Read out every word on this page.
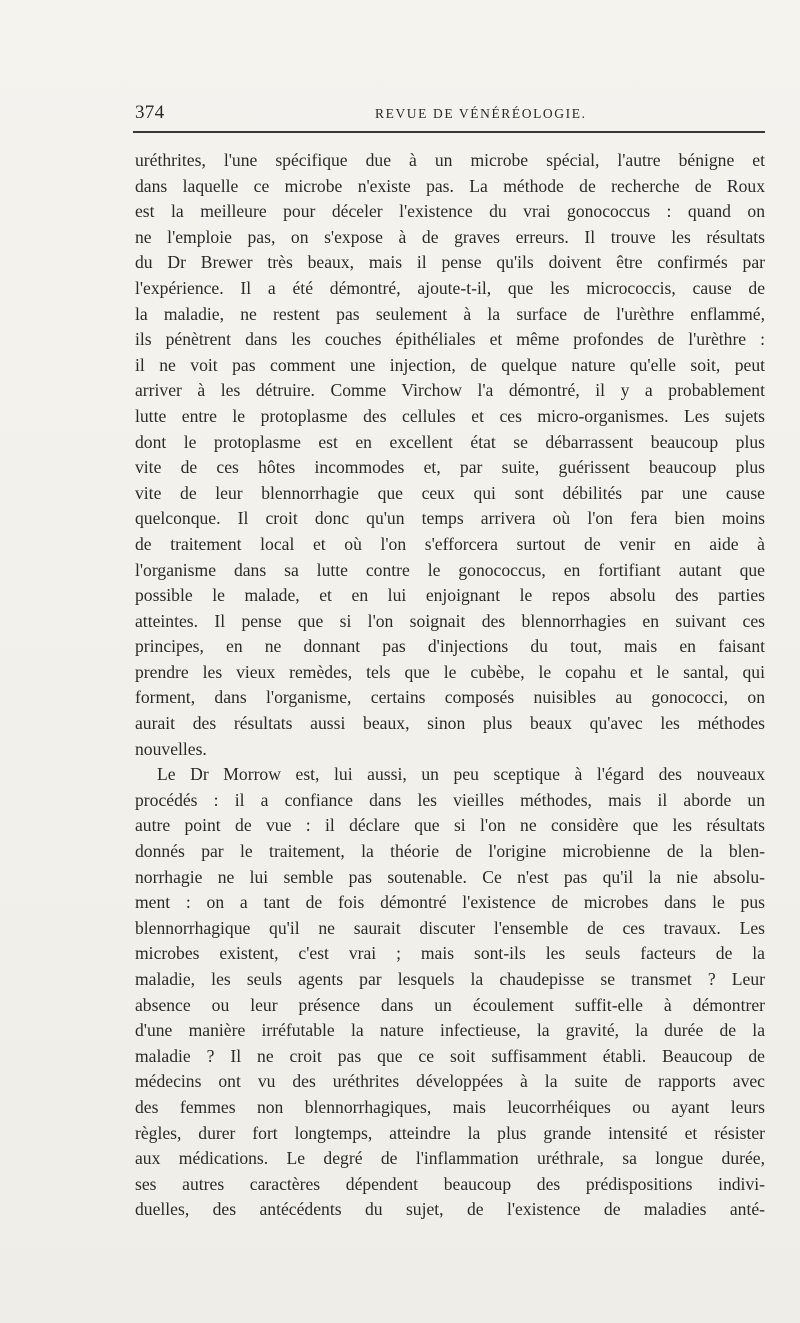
374	REVUE DE VÉNÉRÉOLOGIE.
uréthrites, l'une spécifique due à un microbe spécial, l'autre bénigne et
dans laquelle ce microbe n'existe pas. La méthode de recherche de Roux
est la meilleure pour déceler l'existence du vrai gonococcus : quand on
ne l'emploie pas, on s'expose à de graves erreurs. Il trouve les résultats
du Dr Brewer très beaux, mais il pense qu'ils doivent être confirmés par
l'expérience. Il a été démontré, ajoute-t-il, que les micrococcis, cause de
la maladie, ne restent pas seulement à la surface de l'urèthre enflammé,
ils pénètrent dans les couches épithéliales et même profondes de l'urèthre :
il ne voit pas comment une injection, de quelque nature qu'elle soit, peut
arriver à les détruire. Comme Virchow l'a démontré, il y a probablement
lutte entre le protoplasme des cellules et ces micro-organismes. Les sujets
dont le protoplasme est en excellent état se débarrassent beaucoup plus
vite de ces hôtes incommodes et, par suite, guérissent beaucoup plus
vite de leur blennorrhagie que ceux qui sont débilités par une cause
quelconque. Il croit donc qu'un temps arrivera où l'on fera bien moins
de traitement local et où l'on s'efforcera surtout de venir en aide à
l'organisme dans sa lutte contre le gonococcus, en fortifiant autant que
possible le malade, et en lui enjoignant le repos absolu des parties
atteintes. Il pense que si l'on soignait des blennorrhagies en suivant ces
principes, en ne donnant pas d'injections du tout, mais en faisant
prendre les vieux remèdes, tels que le cubèbe, le copahu et le santal, qui
forment, dans l'organisme, certains composés nuisibles au gonococci, on
aurait des résultats aussi beaux, sinon plus beaux qu'avec les méthodes
nouvelles.
Le Dr Morrow est, lui aussi, un peu sceptique à l'égard des nouveaux
procédés : il a confiance dans les vieilles méthodes, mais il aborde un
autre point de vue : il déclare que si l'on ne considère que les résultats
donnés par le traitement, la théorie de l'origine microbienne de la blen-
norrhagie ne lui semble pas soutenable. Ce n'est pas qu'il la nie absolu-
ment : on a tant de fois démontré l'existence de microbes dans le pus
blennorrhagique qu'il ne saurait discuter l'ensemble de ces travaux. Les
microbes existent, c'est vrai ; mais sont-ils les seuls facteurs de la
maladie, les seuls agents par lesquels la chaudepisse se transmet ? Leur
absence ou leur présence dans un écoulement suffit-elle à démontrer
d'une manière irréfutable la nature infectieuse, la gravité, la durée de la
maladie ? Il ne croit pas que ce soit suffisamment établi. Beaucoup de
médecins ont vu des uréthrites développées à la suite de rapports avec
des femmes non blennorrhagiques, mais leucorrhéiques ou ayant leurs
règles, durer fort longtemps, atteindre la plus grande intensité et résister
aux médications. Le degré de l'inflammation uréthrale, sa longue durée,
ses autres caractères dépendent beaucoup des prédispositions indivi-
duelles, des antécédents du sujet, de l'existence de maladies anté-
